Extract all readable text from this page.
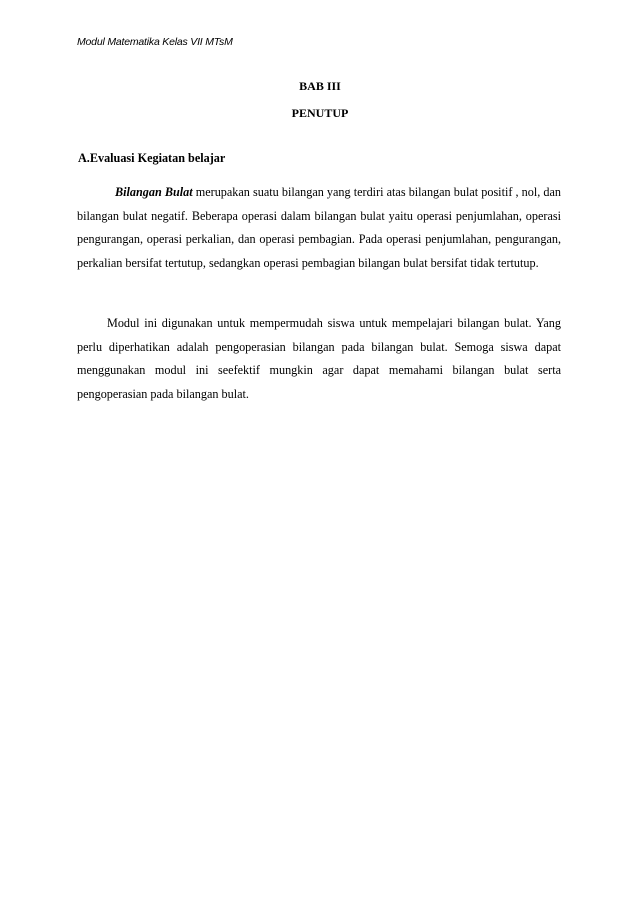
Modul Matematika Kelas VII MTsM
BAB III
PENUTUP
A.Evaluasi Kegiatan belajar

Bilangan Bulat merupakan suatu bilangan yang terdiri atas bilangan bulat positif , nol, dan bilangan bulat negatif. Beberapa operasi dalam bilangan bulat yaitu operasi penjumlahan, operasi pengurangan, operasi perkalian, dan operasi pembagian. Pada operasi penjumlahan, pengurangan, perkalian bersifat tertutup, sedangkan operasi pembagian bilangan bulat bersifat tidak tertutup.

Modul ini digunakan untuk mempermudah siswa untuk mempelajari bilangan bulat. Yang perlu diperhatikan adalah pengoperasian bilangan pada bilangan bulat. Semoga siswa dapat menggunakan modul ini seefektif mungkin agar dapat memahami bilangan bulat serta pengoperasian pada bilangan bulat.
